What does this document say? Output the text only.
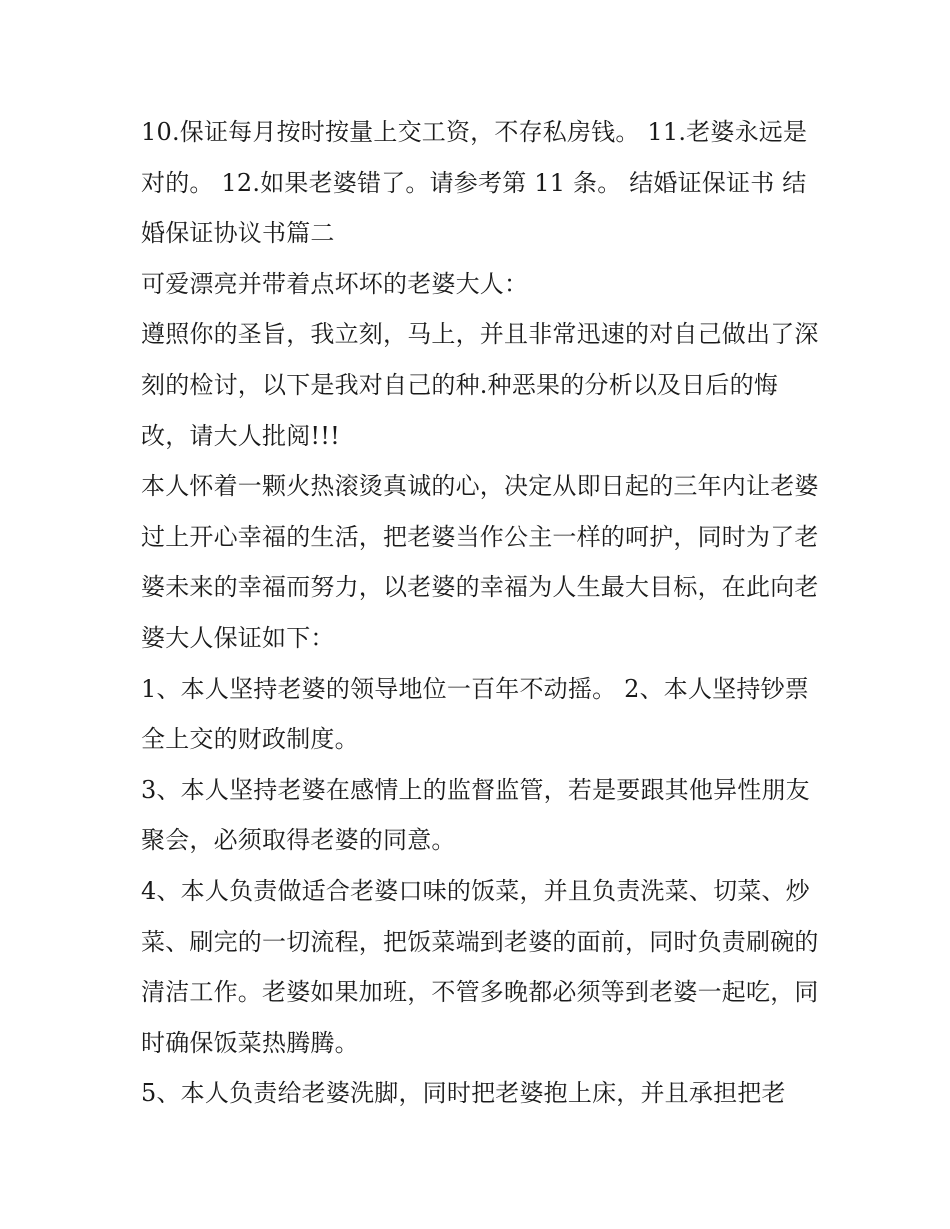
10.保证每月按时按量上交工资，不存私房钱。 11.老婆永远是对的。 12.如果老婆错了。请参考第 11 条。 结婚证保证书 结婚保证协议书篇二

可爱漂亮并带着点坏坏的老婆大人：

遵照你的圣旨，我立刻，马上，并且非常迅速的对自己做出了深刻的检讨，以下是我对自己的种.种恶果的分析以及日后的悔改，请大人批阅!!!

本人怀着一颗火热滚烫真诚的心，决定从即日起的三年内让老婆过上开心幸福的生活，把老婆当作公主一样的呵护，同时为了老婆未来的幸福而努力，以老婆的幸福为人生最大目标，在此向老婆大人保证如下：

1、本人坚持老婆的领导地位一百年不动摇。 2、本人坚持钞票全上交的财政制度。

3、本人坚持老婆在感情上的监督监管，若是要跟其他异性朋友聚会，必须取得老婆的同意。

4、本人负责做适合老婆口味的饭菜，并且负责洗菜、切菜、炒菜、刷完的一切流程，把饭菜端到老婆的面前，同时负责刷碗的清洁工作。老婆如果加班，不管多晚都必须等到老婆一起吃，同时确保饭菜热腾腾。

5、本人负责给老婆洗脚，同时把老婆抱上床，并且承担把老
